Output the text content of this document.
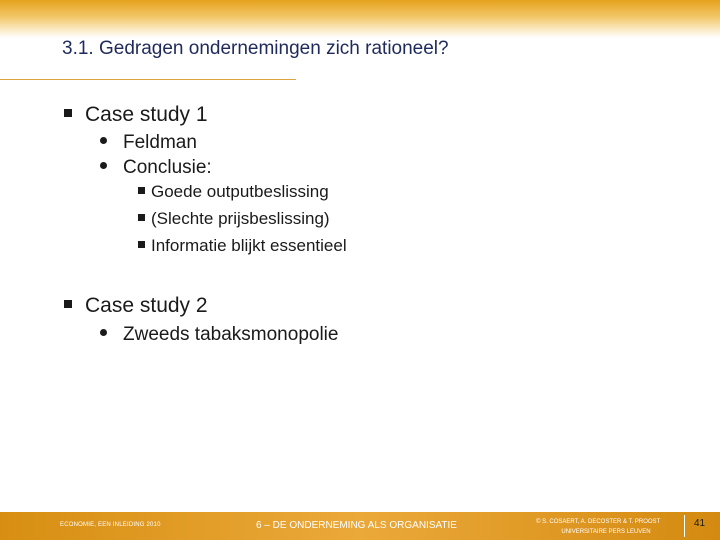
3.1. Gedragen ondernemingen zich rationeel?
Case study 1
Feldman
Conclusie:
Goede outputbeslissing
(Slechte prijsbeslissing)
Informatie blijkt essentieel
Case study 2
Zweeds tabaksmonopolie
ECONOMIE, EEN INLEIDING 2010	6 – DE ONDERNEMING ALS ORGANISATIE	© S. COSAERT, A. DECOSTER & T. PROOST
UNIVERSITAIRE PERS LEUVEN
41
